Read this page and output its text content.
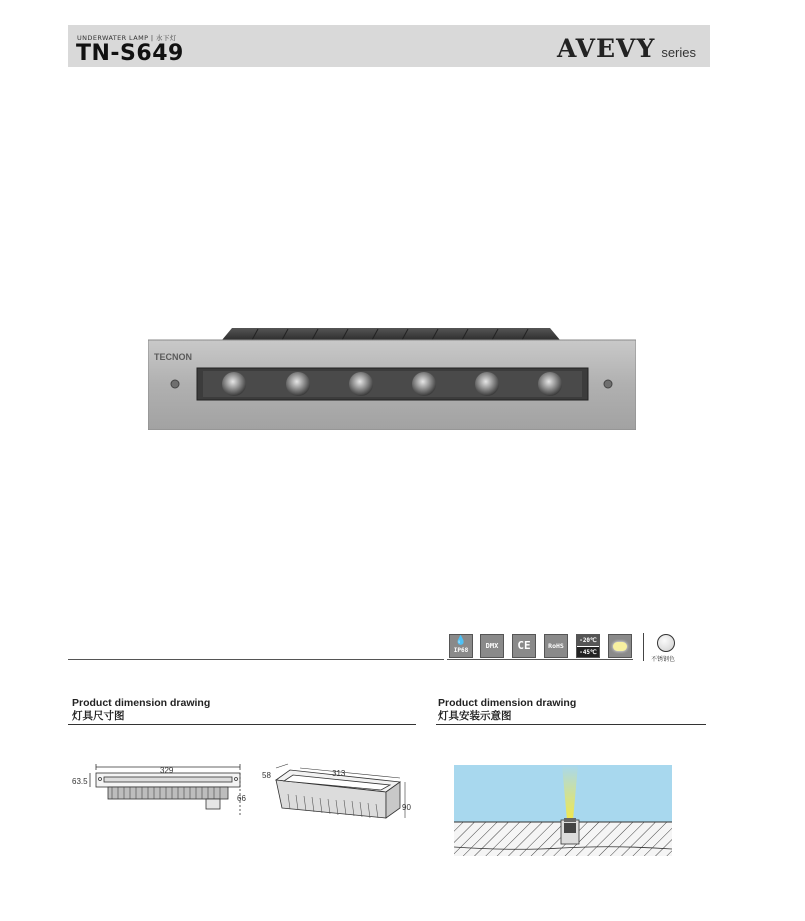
UNDERWATER LAMP | 水下灯
TN-S649	AVEVY series
TECNON
💧
IP68
DMX	CE	RoHS
-20℃
-45℃
不锈钢色
Product dimension drawing
灯具尺寸图
Product dimension drawing
灯具安装示意图
329
63.5
66
58	313
90
